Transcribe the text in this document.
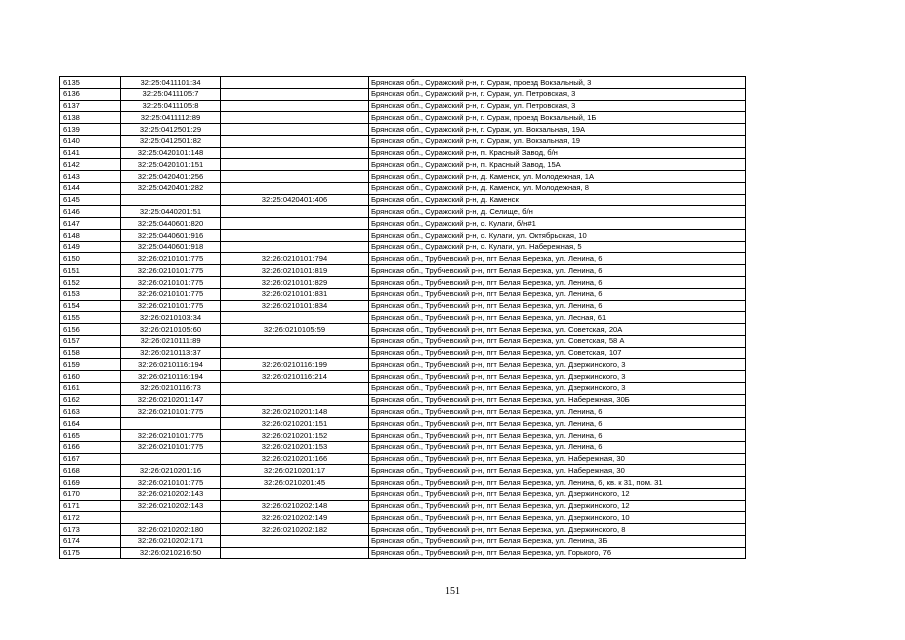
6135	32:25:0411101:34		Брянская обл., Суражский р-н, г. Сураж, проезд Вокзальный, 3
6136	32:25:0411105:7		Брянская обл., Суражский р-н, г. Сураж, ул. Петровская, 3
6137	32:25:0411105:8		Брянская обл., Суражский р-н, г. Сураж, ул. Петровская, 3
6138	32:25:0411112:89		Брянская обл., Суражский р-н, г. Сураж, проезд Вокзальный, 1Б
6139	32:25:0412501:29		Брянская обл., Суражский р-н, г. Сураж, ул. Вокзальная, 19А
6140	32:25:0412501:82		Брянская обл., Суражский р-н, г. Сураж, ул. Вокзальная, 19
6141	32:25:0420101:148		Брянская обл., Суражский р-н, п. Красный Завод, б/н
6142	32:25:0420101:151		Брянская обл., Суражский р-н, п. Красный Завод, 15А
6143	32:25:0420401:256		Брянская обл., Суражский р-н, д. Каменск, ул. Молодежная, 1А
6144	32:25:0420401:282		Брянская обл., Суражский р-н, д. Каменск, ул. Молодежная, 8
6145		32:25:0420401:406	Брянская обл., Суражский р-н, д. Каменск
6146	32:25:0440201:51		Брянская обл., Суражский р-н, д. Селище, б/н
6147	32:25:0440601:820		Брянская обл., Суражский р-н, с. Кулаги, б/н#1
6148	32:25:0440601:916		Брянская обл., Суражский р-н, с. Кулаги, ул. Октябрьская, 10
6149	32:25:0440601:918		Брянская обл., Суражский р-н, с. Кулаги, ул. Набережная, 5
6150	32:26:0210101:775	32:26:0210101:794	Брянская обл., Трубчевский р-н, пгт Белая Березка, ул. Ленина, 6
6151	32:26:0210101:775	32:26:0210101:819	Брянская обл., Трубчевский р-н, пгт Белая Березка, ул. Ленина, 6
6152	32:26:0210101:775	32:26:0210101:829	Брянская обл., Трубчевский р-н, пгт Белая Березка, ул. Ленина, 6
6153	32:26:0210101:775	32:26:0210101:831	Брянская обл., Трубчевский р-н, пгт Белая Березка, ул. Ленина, 6
6154	32:26:0210101:775	32:26:0210101:834	Брянская обл., Трубчевский р-н, пгт Белая Березка, ул. Ленина, 6
6155	32:26:0210103:34		Брянская обл., Трубчевский р-н, пгт Белая Березка, ул. Лесная, 61
6156	32:26:0210105:60	32:26:0210105:59	Брянская обл., Трубчевский р-н, пгт Белая Березка, ул. Советская, 20А
6157	32:26:0210111:89		Брянская обл., Трубчевский р-н, пгт Белая Березка, ул. Советская, 58 А
6158	32:26:0210113:37		Брянская обл., Трубчевский р-н, пгт Белая Березка, ул. Советская, 107
6159	32:26:0210116:194	32:26:0210116:199	Брянская обл., Трубчевский р-н, пгт Белая Березка, ул. Дзержинского, 3
6160	32:26:0210116:194	32:26:0210116:214	Брянская обл., Трубчевский р-н, пгт Белая Березка, ул. Дзержинского, 3
6161	32:26:0210116:73		Брянская обл., Трубчевский р-н, пгт Белая Березка, ул. Дзержинского, 3
6162	32:26:0210201:147		Брянская обл., Трубчевский р-н, пгт Белая Березка, ул. Набережная, 30Б
6163	32:26:0210101:775	32:26:0210201:148	Брянская обл., Трубчевский р-н, пгт Белая Березка, ул. Ленина, 6
6164		32:26:0210201:151	Брянская обл., Трубчевский р-н, пгт Белая Березка, ул. Ленина, 6
6165	32:26:0210101:775	32:26:0210201:152	Брянская обл., Трубчевский р-н, пгт Белая Березка, ул. Ленина, 6
6166	32:26:0210101:775	32:26:0210201:153	Брянская обл., Трубчевский р-н, пгт Белая Березка, ул. Ленина, 6
6167		32:26:0210201:166	Брянская обл., Трубчевский р-н, пгт Белая Березка, ул. Набережная, 30
6168	32:26:0210201:16	32:26:0210201:17	Брянская обл., Трубчевский р-н, пгт Белая Березка, ул. Набережная, 30
6169	32:26:0210101:775	32:26:0210201:45	Брянская обл., Трубчевский р-н, пгт Белая Березка, ул. Ленина, 6, кв. к 31, пом. 31
6170	32:26:0210202:143		Брянская обл., Трубчевский р-н, пгт Белая Березка, ул. Дзержинского, 12
6171	32:26:0210202:143	32:26:0210202:148	Брянская обл., Трубчевский р-н, пгт Белая Березка, ул. Дзержинского, 12
6172		32:26:0210202:149	Брянская обл., Трубчевский р-н, пгт Белая Березка, ул. Дзержинского, 10
6173	32:26:0210202:180	32:26:0210202:182	Брянская обл., Трубчевский р-н, пгт Белая Березка, ул. Дзержинского, 8
6174	32:26:0210202:171		Брянская обл., Трубчевский р-н, пгт Белая Березка, ул. Ленина, 3Б
6175	32:26:0210216:50		Брянская обл., Трубчевский р-н, пгт Белая Березка, ул. Горького, 76
151
